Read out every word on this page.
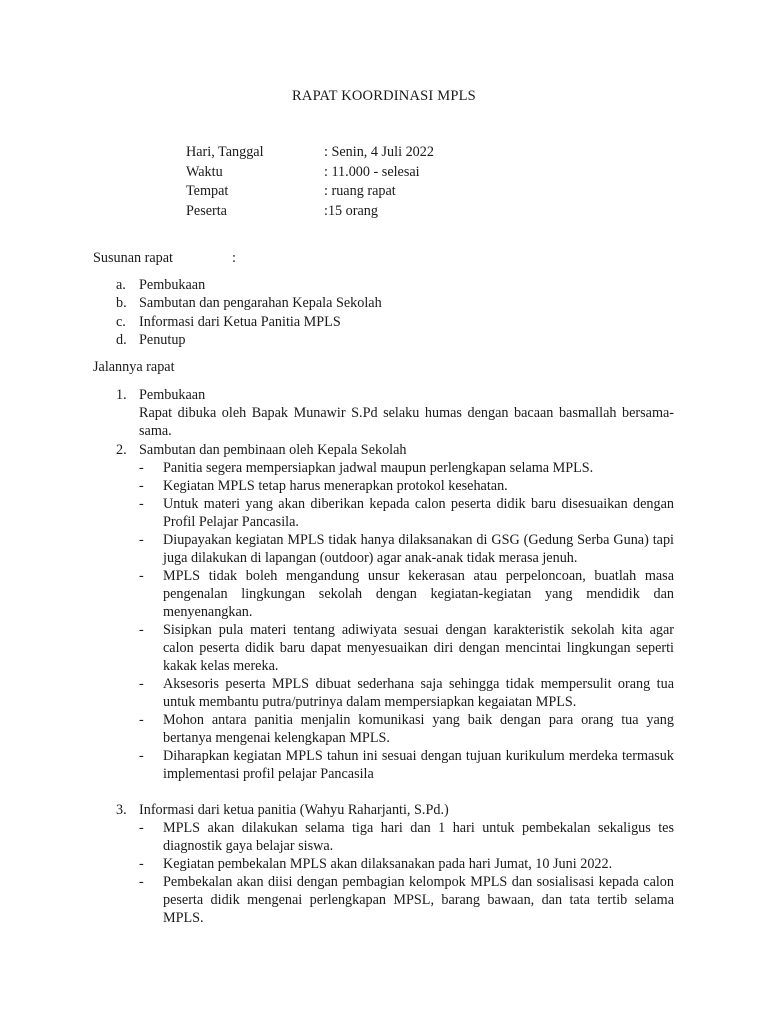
RAPAT KOORDINASI MPLS
Hari, Tanggal	: Senin, 4 Juli 2022
Waktu	: 11.000 - selesai
Tempat	: ruang rapat
Peserta	:15 orang
Susunan rapat	:
a. Pembukaan
b. Sambutan dan pengarahan Kepala Sekolah
c. Informasi dari Ketua Panitia MPLS
d. Penutup
Jalannya rapat
1. Pembukaan
Rapat dibuka oleh Bapak Munawir S.Pd selaku humas dengan bacaan basmallah bersama-sama.
2. Sambutan dan pembinaan oleh Kepala Sekolah
- Panitia segera mempersiapkan jadwal maupun perlengkapan selama MPLS.
- Kegiatan MPLS tetap harus menerapkan protokol kesehatan.
- Untuk materi yang akan diberikan kepada calon peserta didik baru disesuaikan dengan Profil Pelajar Pancasila.
- Diupayakan kegiatan MPLS tidak hanya dilaksanakan di GSG (Gedung Serba Guna) tapi juga dilakukan di lapangan (outdoor) agar anak-anak tidak merasa jenuh.
- MPLS tidak boleh mengandung unsur kekerasan atau perpeloncoan, buatlah masa pengenalan lingkungan sekolah dengan kegiatan-kegiatan yang mendidik dan menyenangkan.
- Sisipkan pula materi tentang adiwiyata sesuai dengan karakteristik sekolah kita agar calon peserta didik baru dapat menyesuaikan diri dengan mencintai lingkungan seperti kakak kelas mereka.
- Aksesoris peserta MPLS dibuat sederhana saja sehingga tidak mempersulit orang tua untuk membantu putra/putrinya dalam mempersiapkan kegaiatan MPLS.
- Mohon antara panitia menjalin komunikasi yang baik dengan para orang tua yang bertanya mengenai kelengkapan MPLS.
- Diharapkan kegiatan MPLS tahun ini sesuai dengan tujuan kurikulum merdeka termasuk implementasi profil pelajar Pancasila
3. Informasi dari ketua panitia (Wahyu Raharjanti, S.Pd.)
- MPLS akan dilakukan selama tiga hari dan 1 hari untuk pembekalan sekaligus tes diagnostik gaya belajar siswa.
- Kegiatan pembekalan MPLS akan dilaksanakan pada hari Jumat, 10 Juni 2022.
- Pembekalan akan diisi dengan pembagian kelompok MPLS dan sosialisasi kepada calon peserta didik mengenai perlengkapan MPSL, barang bawaan, dan tata tertib selama MPLS.
